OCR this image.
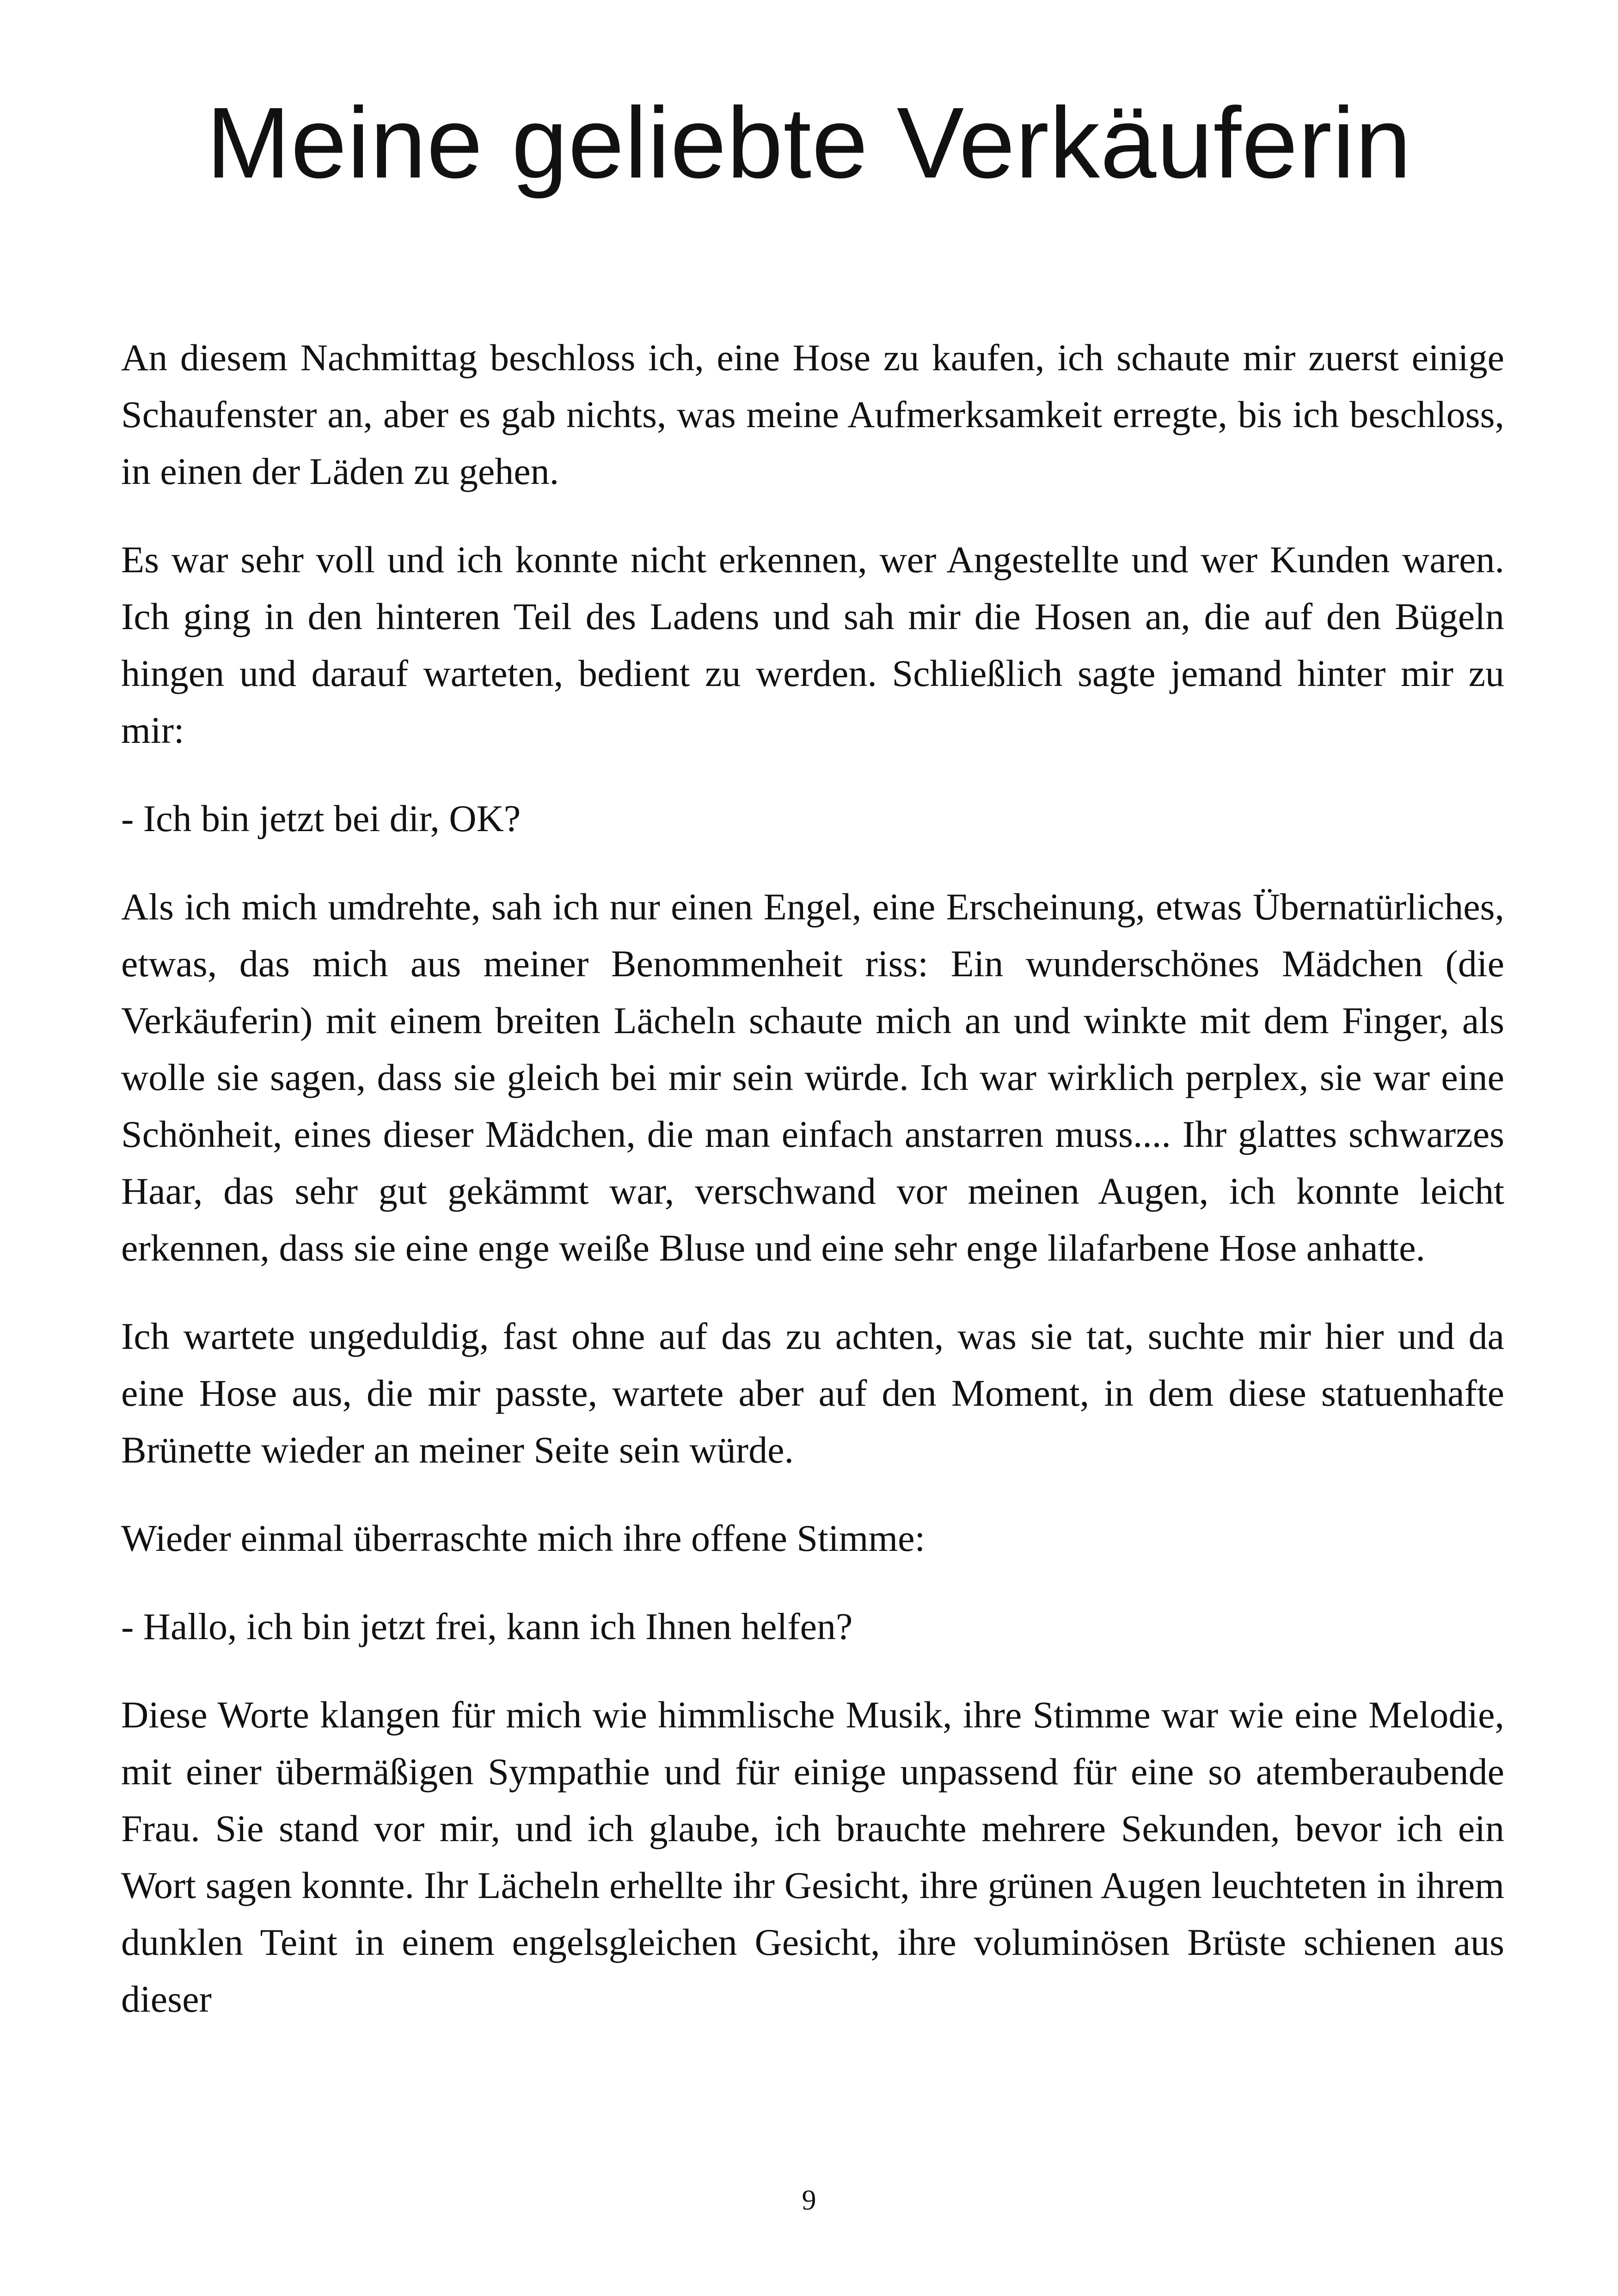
Meine geliebte Verkäuferin

An diesem Nachmittag beschloss ich, eine Hose zu kaufen, ich schaute mir zuerst einige Schaufenster an, aber es gab nichts, was meine Aufmerksamkeit erregte, bis ich beschloss, in einen der Läden zu gehen.

Es war sehr voll und ich konnte nicht erkennen, wer Angestellte und wer Kunden waren. Ich ging in den hinteren Teil des Ladens und sah mir die Hosen an, die auf den Bügeln hingen und darauf warteten, bedient zu werden. Schließlich sagte jemand hinter mir zu mir:

- Ich bin jetzt bei dir, OK?

Als ich mich umdrehte, sah ich nur einen Engel, eine Erscheinung, etwas Übernatürliches, etwas, das mich aus meiner Benommenheit riss: Ein wunderschönes Mädchen (die Verkäuferin) mit einem breiten Lächeln schaute mich an und winkte mit dem Finger, als wolle sie sagen, dass sie gleich bei mir sein würde. Ich war wirklich perplex, sie war eine Schönheit, eines dieser Mädchen, die man einfach anstarren muss.... Ihr glattes schwarzes Haar, das sehr gut gekämmt war, verschwand vor meinen Augen, ich konnte leicht erkennen, dass sie eine enge weiße Bluse und eine sehr enge lilafarbene Hose anhatte.

Ich wartete ungeduldig, fast ohne auf das zu achten, was sie tat, suchte mir hier und da eine Hose aus, die mir passte, wartete aber auf den Moment, in dem diese statuenhafte Brünette wieder an meiner Seite sein würde.

Wieder einmal überraschte mich ihre offene Stimme:

- Hallo, ich bin jetzt frei, kann ich Ihnen helfen?

Diese Worte klangen für mich wie himmlische Musik, ihre Stimme war wie eine Melodie, mit einer übermäßigen Sympathie und für einige unpassend für eine so atemberaubende Frau. Sie stand vor mir, und ich glaube, ich brauchte mehrere Sekunden, bevor ich ein Wort sagen konnte. Ihr Lächeln erhellte ihr Gesicht, ihre grünen Augen leuchteten in ihrem dunklen Teint in einem engelsgleichen Gesicht, ihre voluminösen Brüste schienen aus dieser

9
